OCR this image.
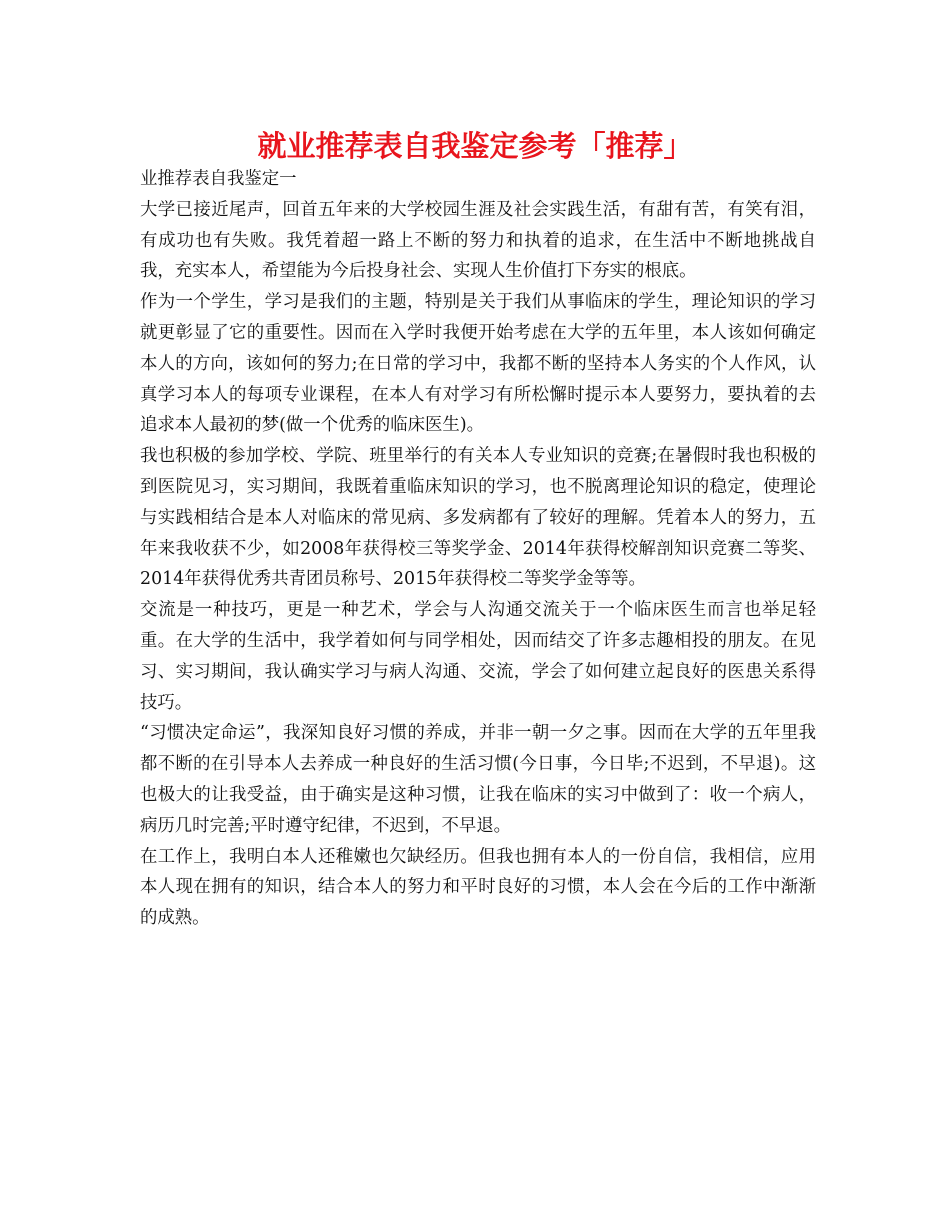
就业推荐表自我鉴定参考「推荐」

业推荐表自我鉴定一

大学已接近尾声，回首五年来的大学校园生涯及社会实践生活，有甜有苦，有笑有泪，有成功也有失败。我凭着超一路上不断的努力和执着的追求，在生活中不断地挑战自我，充实本人，希望能为今后投身社会、实现人生价值打下夯实的根底。

作为一个学生，学习是我们的主题，特别是关于我们从事临床的学生，理论知识的学习就更彰显了它的重要性。因而在入学时我便开始考虑在大学的五年里，本人该如何确定本人的方向，该如何的努力;在日常的学习中，我都不断的坚持本人务实的个人作风，认真学习本人的每项专业课程，在本人有对学习有所松懈时提示本人要努力，要执着的去追求本人最初的梦(做一个优秀的临床医生)。

我也积极的参加学校、学院、班里举行的有关本人专业知识的竞赛;在暑假时我也积极的到医院见习，实习期间，我既着重临床知识的学习，也不脱离理论知识的稳定，使理论与实践相结合是本人对临床的常见病、多发病都有了较好的理解。凭着本人的努力，五年来我收获不少，如2008年获得校三等奖学金、2014年获得校解剖知识竞赛二等奖、2014年获得优秀共青团员称号、2015年获得校二等奖学金等等。

交流是一种技巧，更是一种艺术，学会与人沟通交流关于一个临床医生而言也举足轻重。在大学的生活中，我学着如何与同学相处，因而结交了许多志趣相投的朋友。在见习、实习期间，我认确实学习与病人沟通、交流，学会了如何建立起良好的医患关系得技巧。

“习惯决定命运”，我深知良好习惯的养成，并非一朝一夕之事。因而在大学的五年里我都不断的在引导本人去养成一种良好的生活习惯(今日事，今日毕;不迟到，不早退)。这也极大的让我受益，由于确实是这种习惯，让我在临床的实习中做到了：收一个病人，病历几时完善;平时遵守纪律，不迟到，不早退。

在工作上，我明白本人还稚嫩也欠缺经历。但我也拥有本人的一份自信，我相信，应用本人现在拥有的知识，结合本人的努力和平时良好的习惯，本人会在今后的工作中渐渐的成熟。
